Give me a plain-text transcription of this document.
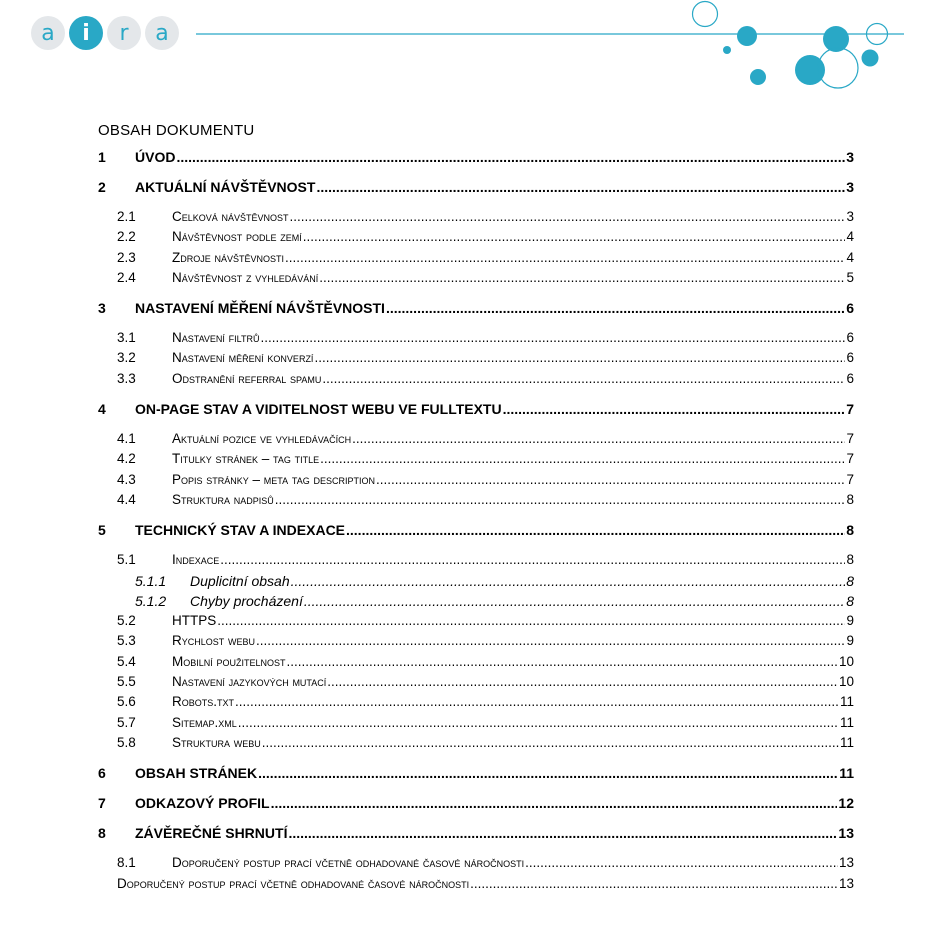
a	i	r	a
OBSAH DOKUMENTU
1	ÚVOD .....	3
2	AKTUÁLNÍ NÁVŠTĚVNOST .....	3
2.1	Celková návštěvnost .....	3
2.2	Návštěvnost podle zemí .....	4
2.3	Zdroje návštěvnosti .....	4
2.4	Návštěvnost z vyhledávání .....	5
3	NASTAVENÍ MĚŘENÍ NÁVŠTĚVNOSTI .....	6
3.1	Nastavení filtrů .....	6
3.2	Nastavení měření konverzí .....	6
3.3	Odstranění referral spamu .....	6
4	ON-PAGE STAV A VIDITELNOST WEBU VE FULLTEXTU .....	7
4.1	Aktuální pozice ve vyhledávačích .....	7
4.2	Titulky stránek – tag title .....	7
4.3	Popis stránky – meta tag description .....	7
4.4	Struktura nadpisů .....	8
5	TECHNICKÝ STAV A INDEXACE .....	8
5.1	Indexace .....	8
5.1.1	Duplicitní obsah .....	8
5.1.2	Chyby procházení .....	8
5.2	HTTPS .....	9
5.3	Rychlost webu .....	9
5.4	Mobilní použitelnost .....	10
5.5	Nastavení jazykových mutací .....	10
5.6	Robots.txt .....	11
5.7	Sitemap.xml .....	11
5.8	Struktura webu .....	11
6	OBSAH STRÁNEK .....	11
7	ODKAZOVÝ PROFIL .....	12
8	ZÁVĚREČNÉ SHRNUTÍ .....	13
8.1	Doporučený postup prací včetně odhadované časové náročnosti .....	13
Doporučený postup prací včetně odhadované časové náročnosti .....	13
